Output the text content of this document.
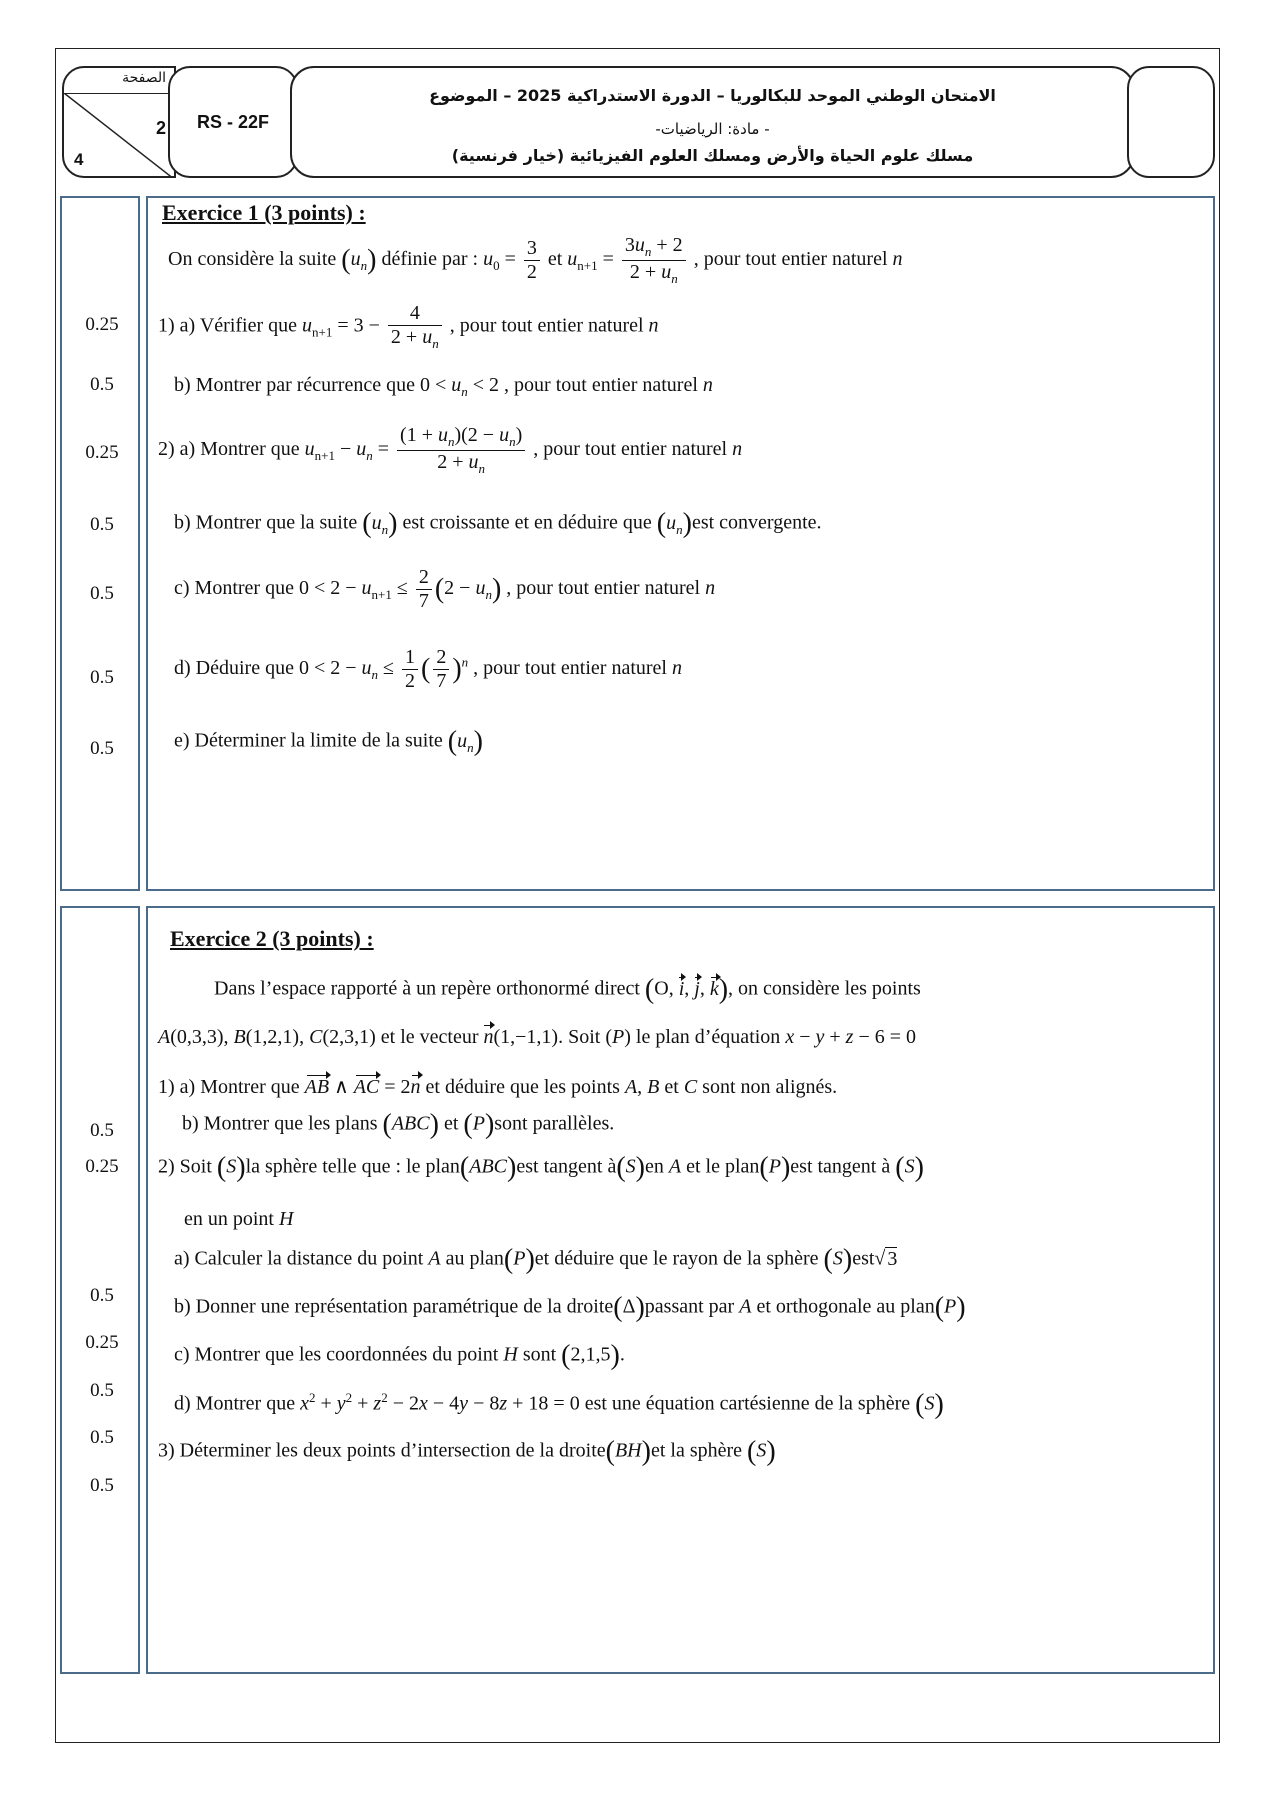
الصفحة
2
4
RS - 22F
الامتحان الوطني الموحد للبكالوريا – الدورة الاستدراكية 2025 – الموضوع
- مادة: الرياضيات-
مسلك علوم الحياة والأرض ومسلك العلوم الفيزيائية (خيار فرنسية)
0.25
0.5
0.25
0.5
0.5
0.5
0.5
Exercice 1 (3 points) :
On considère la suite $(u_n)$ définie par : $u_0 = \frac{3}{2}$ et $u_{n+1} = \frac{3u_n + 2}{2 + u_n}$ , pour tout entier naturel n
1) a) Vérifier que $u_{n+1} = 3 - \frac{4}{2 + u_n}$ , pour tout entier naturel n
b) Montrer par récurrence que $0 < u_n < 2$ , pour tout entier naturel n
2) a) Montrer que $u_{n+1} - u_n = \frac{(1 + u_n)(2 - u_n)}{2 + u_n}$ , pour tout entier naturel n
b) Montrer que la suite $(u_n)$ est croissante et en déduire que $(u_n)est$ convergente.
c) Montrer que $0 < 2 - u_{n+1} \le \frac{2}{7} (2 - u_n)$ , pour tout entier naturel n
d) Déduire que $0 < 2 - u_n \le \frac{1}{2}$ ( $\frac{2}{7} )^n$ , pour tout entier naturel n
e) Déterminer la limite de la suite $(u_n)$
0.5
0.25
0.5
0.25
0.5
0.5
0.5
Exercice 2 (3 points) :
Dans l’espace rapporté à un repère orthonormé direct (O, i, j, k), on considère les points
A(0,3,3), B(1,2,1), C(2,3,1) et le vecteur n(1,−1,1). Soit (P) le plan d’équation x − y + z − 6 = 0
1) a) Montrer que AB ∧ AC = 2n et déduire que les points A, B et C sont non alignés.
b) Montrer que les plans (ABC) et (P)sont parallèles.
2) Soit (S)la sphère telle que : le plan(ABC)est tangent à(S)en A et le plan(P)est tangent à (S)
en un point H
a) Calculer la distance du point A au plan(P)et déduire que le rayon de la sphère (S)est√ 3
b) Donner une représentation paramétrique de la droite(Δ)passant par A et orthogonale au plan(P)
c) Montrer que les coordonnées du point H sont (2,1,5).
d) Montrer que $x^2 + y^2 + z^2 - 2x - 4y - 8z + 18 = 0$ est une équation cartésienne de la sphère (S)
3) Déterminer les deux points d’intersection de la droite(BH)et la sphère (S)
